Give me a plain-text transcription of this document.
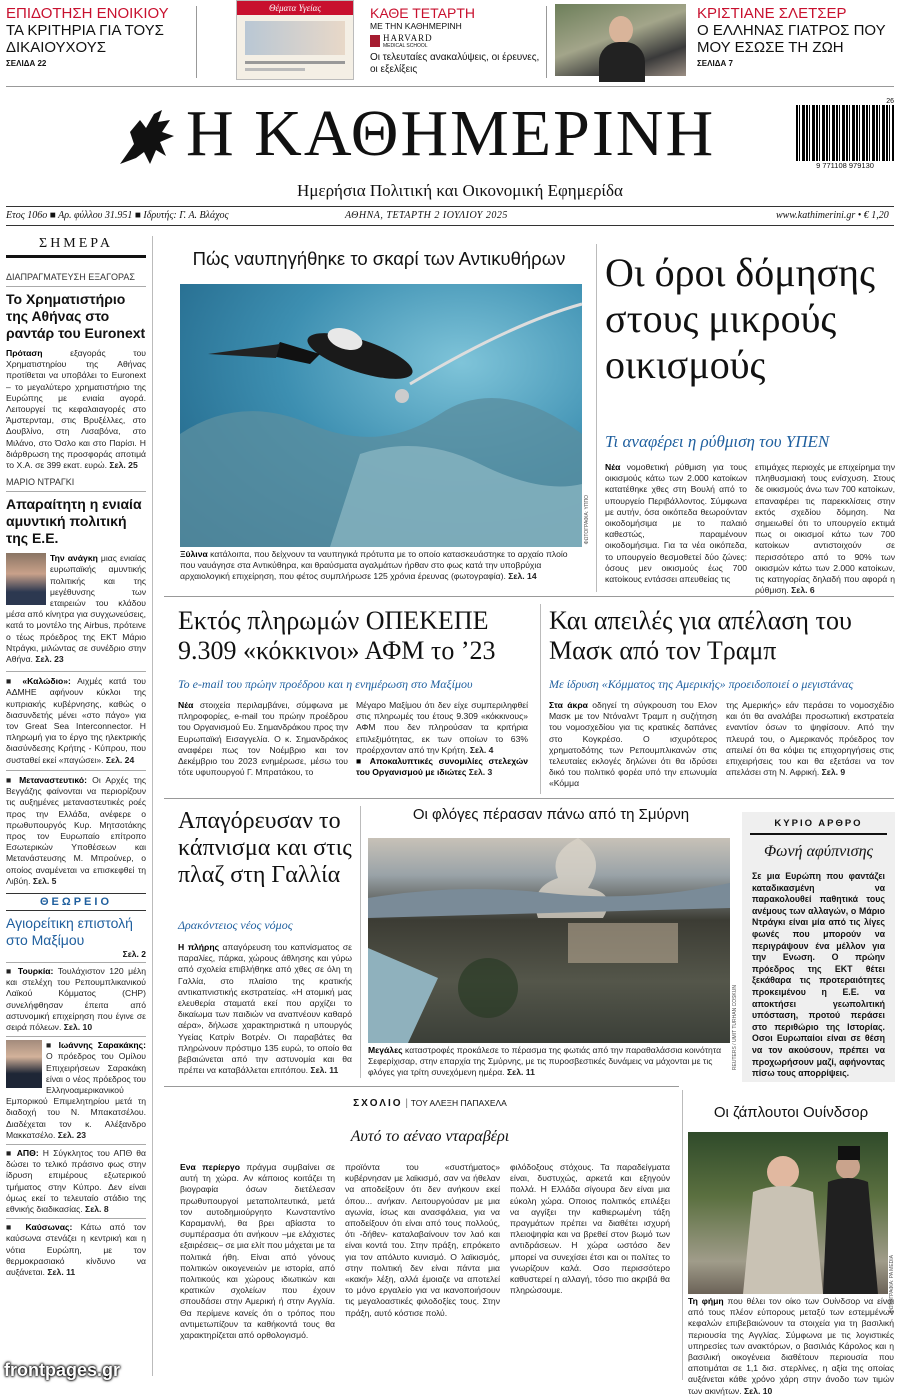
ΕΠΙΔΟΤΗΣΗ ΕΝΟΙΚΙΟΥ
ΤΑ ΚΡΙΤΗΡΙΑ ΓΙΑ ΤΟΥΣ ΔΙΚΑΙΟΥΧΟΥΣ
ΣΕΛΙΔΑ 22
Θέματα Υγείας	ΚΑΘΕ ΤΕΤΑΡΤΗ
ΜΕ ΤΗΝ ΚΑΘΗΜΕΡΙΝΗ
HARVARD
MEDICAL SCHOOL
Οι τελευταίες ανακαλύψεις, οι έρευνες, οι εξελίξεις
ΚΡΙΣΤΙΑΝΕ ΣΛΕΤΣΕΡ
Ο ΕΛΛΗΝΑΣ ΓΙΑΤΡΟΣ ΠΟΥ ΜΟΥ ΕΣΩΣΕ ΤΗ ΖΩΗ
ΣΕΛΙΔΑ 7
Η ΚΑΘΗΜΕΡΙΝΗ
Ημερήσια Πολιτική και Οικονομική Εφημερίδα
26
9 771108 979130
Ετος 106ο ■ Αρ. φύλλου 31.951 ■ Ιδρυτής: Γ. Α. Βλάχος	ΑΘΗΝΑ, ΤΕΤΑΡΤΗ 2 ΙΟΥΛΙΟΥ 2025	www.kathimerini.gr • € 1,20
ΣΗΜΕΡΑ
ΔΙΑΠΡΑΓΜΑΤΕΥΣΗ ΕΞΑΓΟΡΑΣ
Το Χρηματιστήριο της Αθήνας στο ραντάρ του Euronext
Πρόταση εξαγοράς του Χρηματιστηρίου της Αθήνας προτίθεται να υποβάλει το Euronext – το μεγαλύτερο χρηματιστήριο της Ευρώπης με ενιαία αγορά. Λειτουργεί τις κεφαλαιαγορές στο Άμστερνταμ, στις Βρυξέλλες, στο Δουβλίνο, στη Λισαβόνα, στο Μιλάνο, στο Όσλο και στο Παρίσι. Η διάρθρωση της προσφοράς αποτιμά το Χ.Α. σε 399 εκατ. ευρώ. Σελ. 25
ΜΑΡΙΟ ΝΤΡΑΓΚΙ
Απαραίτητη η ενιαία αμυντική πολιτική της Ε.Ε.
Την ανάγκη μιας ενιαίας ευρωπαϊκής αμυντικής πολιτικής και της μεγέθυνσης των εταιρειών του κλάδου μέσα από κίνητρα για συγχωνεύσεις, κατά το μοντέλο της Airbus, πρότεινε ο τέως πρόεδρος της ΕΚΤ Μάριο Ντράγκι, μιλώντας σε συνέδριο στην Αθήνα. Σελ. 23
■ «Καλώδιο»: Αιχμές κατά του ΑΔΜΗΕ αφήνουν κύκλοι της κυπριακής κυβέρνησης, καθώς ο διασυνδετής μένει «στο πάγο» για τον Great Sea Interconnector. Η πληρωμή για το έργο της ηλεκτρικής διασύνδεσης Κρήτης - Κύπρου, που συσταθεί εκεί «παγώσει». Σελ. 24
■ Μεταναστευτικό: Οι Αρχές της Βεγγάζης φαίνονται να περιορίζουν τις αυξημένες μεταναστευτικές ροές προς την Ελλάδα, ανέφερε ο πρωθυπουργός Κυρ. Μητσοτάκης προς τον Ευρωπαίο επίτροπο Εσωτερικών Υποθέσεων και Μετανάστευσης Μ. Μπρούνερ, ο οποίος αναμένεται να επισκεφθεί τη Λιβύη. Σελ. 5
ΘΕΩΡΕΙΟ
Αγιορείτικη επιστολή στο Μαξίμου
Σελ. 2
■ Τουρκία: Τουλάχιστον 120 μέλη και στελέχη του Ρεπουμπλικανικού Λαϊκού Κόμματος (CHP) συνελήφθησαν έπειτα από αστυνομική επιχείρηση που έγινε σε σειρά πόλεων. Σελ. 10
■ Ιωάννης Σαρακάκης: Ο πρόεδρος του Ομίλου Επιχειρήσεων Σαρακάκη είναι ο νέος πρόεδρος του Ελληνοαμερικανικού Εμπορικού Επιμελητηρίου μετά τη διαδοχή του Ν. Μπακατσέλου. Διαδέχεται τον κ. Αλέξανδρο Μακκατσέλο. Σελ. 23
■ ΑΠΘ: Η Σύγκλητος του ΑΠΘ θα δώσει το τελικό πράσινο φως στην ίδρυση επιμέρους εξωτερικού τμήματος στην Κύπρο. Δεν είναι όμως εκεί το τελευταίο στάδιο της εθνικής διαδικασίας. Σελ. 8
■ Καύσωνας: Κάτω από τον καύσωνα στενάζει η κεντρική και η νότια Ευρώπη, με τον θερμοκρασιακό κίνδυνο να αυξάνεται. Σελ. 11
Πώς ναυπηγήθηκε το σκαρί των Αντικυθήρων
ΦΩΤΟΓΡΑΦΙΑ: ΥΠΠΟ
Ξύλινα κατάλοιπα, που δείχνουν τα ναυπηγικά πρότυπα με το οποίο κατασκευάστηκε το αρχαίο πλοίο που ναυάγησε στα Αντικύθηρα, και θραύσματα αγαλμάτων ήρθαν στο φως κατά την υποβρύχια αρχαιολογική επιχείρηση, που φέτος συμπλήρωσε 125 χρόνια έρευνας (φωτογραφία). Σελ. 14
Οι όροι δόμησης στους μικρούς οικισμούς
Τι αναφέρει η ρύθμιση του ΥΠΕΝ
Νέα νομοθετική ρύθμιση για τους οικισμούς κάτω των 2.000 κατοίκων κατατέθηκε χθες στη Βουλή από το υπουργείο Περιβάλλοντος. Σύμφωνα με αυτήν, όσα οικόπεδα θεωρούνταν οικοδομήσιμα με το παλαιό καθεστώς, παραμένουν οικοδομήσιμα. Για τα νέα οικόπεδα, το υπουργείο θεσμοθετεί δύο ζώνες: όσους μεν οικισμούς έως 700 κατοίκους εντάσσει απευθείας τις
επιμάχες περιοχές με επιχείρημα την πληθυσμιακή τους ενίσχυση. Στους δε οικισμούς άνω των 700 κατοίκων, επαναφέρει τις παρεκκλίσεις στην εκτός σχεδίου δόμηση. Να σημειωθεί ότι το υπουργείο εκτιμά πως οι οικισμοί κάτω των 700 κατοίκων αντιστοιχούν σε περισσότερο από το 90% των οικισμών κάτω των 2.000 κατοίκων, τις κατηγορίας δηλαδή που αφορά η ρύθμιση. Σελ. 6
Εκτός πληρωμών ΟΠΕΚΕΠΕ 9.309 «κόκκινοι» ΑΦΜ το ’23
Το e-mail του πρώην προέδρου και η ενημέρωση στο Μαξίμου
Νέα στοιχεία περιλαμβάνει, σύμφωνα με πληροφορίες, e-mail του πρώην προέδρου του Οργανισμού Ευ. Σημανδράκου προς την Ευρωπαϊκή Εισαγγελία. Ο κ. Σημανδράκος αναφέρει πως τον Νοέμβριο και τον Δεκέμβριο του 2023 ενημέρωσε, μέσω του τότε υφυπουργού Γ. Μπρατάκου, το
Μέγαρο Μαξίμου ότι δεν είχε συμπεριληφθεί στις πληρωμές του έτους 9.309 «κόκκινους» ΑΦΜ που δεν πληρούσαν τα κριτήρια επιλεξιμότητας, εκ των οποίων το 63% προέρχονταν από την Κρήτη. Σελ. 4
■ Αποκαλυπτικές συνομιλίες στελεχών του Οργανισμού με ιδιώτες Σελ. 3
Και απειλές για απέλαση του Μασκ από τον Τραμπ
Με ίδρυση «Κόμματος της Αμερικής» προειδοποιεί ο μεγιστάνας
Στα άκρα οδηγεί τη σύγκρουση του Ελον Μασκ με τον Ντόναλντ Τραμπ η συζήτηση του νομοσχεδίου για τις κρατικές δαπάνες στο Κογκρέσο. Ο ισχυρότερος χρηματοδότης των Ρεπουμπλικανών στις τελευταίες εκλογές δηλώνει ότι θα ιδρύσει δικό του πολιτικό φορέα υπό την επωνυμία «Κόμμα
της Αμερικής» εάν περάσει το νομοσχέδιο και ότι θα αναλάβει προσωπική εκστρατεία εναντίον όσων το ψηφίσουν. Από την πλευρά του, ο Αμερικανός πρόεδρος τον απειλεί ότι θα κόψει τις επιχορηγήσεις στις επιχειρήσεις του και θα εξετάσει να τον απελάσει στη Ν. Αφρική. Σελ. 9
Απαγόρευσαν το κάπνισμα και στις πλαζ στη Γαλλία
Δρακόντειος νέος νόμος
Η πλήρης απαγόρευση του καπνίσματος σε παραλίες, πάρκα, χώρους άθλησης και γύρω από σχολεία επιβλήθηκε από χθες σε όλη τη Γαλλία, στο πλαίσιο της κρατικής αντικαπνιστικής εκστρατείας. «Η ατομική μας ελευθερία σταματά εκεί που αρχίζει το δικαίωμα των παιδιών να αναπνέουν καθαρό αέρα», δήλωσε χαρακτηριστικά η υπουργός Υγείας Κατρίν Βοτρέν. Οι παραβάτες θα πληρώνουν πρόστιμο 135 ευρώ, το οποίο θα βεβαιώνεται από την αστυνομία και θα πρέπει να καταβάλλεται επιτόπου. Σελ. 11
Οι φλόγες πέρασαν πάνω από τη Σμύρνη
REUTERS / UMIT TURHAN COSKUN
Μεγάλες καταστροφές προκάλεσε το πέρασμα της φωτιάς από την παραθαλάσσια κοινότητα Σεφερίχισαρ, στην επαρχία της Σμύρνης, με τις πυροσβεστικές δυνάμεις να μάχονται με τις φλόγες για τρίτη συνεχόμενη ημέρα. Σελ. 11
ΚΥΡΙΟ ΑΡΘΡΟ
Φωνή αφύπνισης
Σε μια Ευρώπη που φαντάζει καταδικασμένη να παρακολουθεί παθητικά τους ανέμους των αλλαγών, ο Μάριο Ντράγκι είναι μία από τις λίγες φωνές που μπορούν να περιγράψουν ένα μέλλον για την Ενωση. Ο πρώην πρόεδρος της ΕΚΤ θέτει ξεκάθαρα τις προτεραιότητες προκειμένου η Ε.Ε. να αποκτήσει γεωπολιτική υπόσταση, προτού περάσει στο περιθώριο της Ιστορίας. Οσοι Ευρωπαίοι είναι σε θέση να τον ακούσουν, πρέπει να προχωρήσουν μαζί, αφήνοντας πίσω τους απορρίψεις.
ΣΧΟΛΙΟ | ΤΟΥ ΑΛΕΞΗ ΠΑΠΑΧΕΛΑ
Αυτό το αέναο νταραβέρι
Ενα περίεργο πράγμα συμβαίνει σε αυτή τη χώρα. Αν κάποιος κοιτάζει τη βιογραφία όσων διετέλεσαν πρωθυπουργοί μεταπολιτευτικά, μετά τον αυτοδημιούργητο Κωνσταντίνο Καραμανλή, θα βρει αβίαστα το συμπέρασμα ότι ανήκουν –με ελάχιστες εξαιρέσεις– σε μια ελίτ που μάχεται με τα πολιτικά ήθη. Είναι από γόνους πολιτικών οικογενειών με ιστορία, από πολιτικούς και χώρους ιδιωτικών και κρατικών σχολείων που έχουν σπουδάσει στην Αμερική ή στην Αγγλία. Θα περίμενε κανείς ότι ο τρόπος που αντιμετωπίζουν τα καθήκοντά τους θα χαρακτηρίζεται από ορθολογισμό.
προϊόντα του «συστήματος» κυβέρνησαν με λαϊκισμό, σαν να ήθελαν να αποδείξουν ότι δεν ανήκουν εκεί όπου... ανήκαν. Λειτουργούσαν με μια αγωνία, ίσως και ανασφάλεια, για να αποδείξουν ότι είναι από τους πολλούς, ότι -δήθεν- καταλαβαίνουν τον λαό και είναι κοντά του. Στην πράξη, επρόκειτο για τον απόλυτο κυνισμό. Ο λαϊκισμός, στην πολιτική δεν είναι πάντα μια «κακή» λέξη, αλλά έμοιαζε να αποτελεί το μόνο εργαλείο για να ικανοποιήσουν τις μεγαλοαστικές φιλοδοξίες τους. Στην πράξη, αυτό κόστισε πολύ.
φιλόδοξους στόχους. Τα παραδείγματα είναι, δυστυχώς, αρκετά και εξηγούν πολλά. Η Ελλάδα σίγουρα δεν είναι μια εύκολη χώρα. Οποιος πολιτικός επιλέξει να αγγίξει την καθιερωμένη τάξη πραγμάτων πρέπει να διαθέτει ισχυρή πλειοψηφία και να βρεθεί στον βωμό των αντιδράσεων. Η χώρα ωστόσο δεν μπορεί να συνεχίσει έτσι και οι πολίτες το γνωρίζουν καλά. Οσο περισσότερο καθυστερεί η αλλαγή, τόσο πιο ακριβά θα πληρώσουμε.
Οι ζάπλουτοι Ουίνδσορ
ΦΩΤΟΓΡΑΦΙΑ: PA MEDIA
Τη φήμη που θέλει τον οίκο των Ουίνδσορ να είναι από τους πλέον εύπορους μεταξύ των εστεμμένων κεφαλών επιβεβαιώνουν τα στοιχεία για τη βασιλική περιουσία της Αγγλίας. Σύμφωνα με τις λογιστικές υπηρεσίες των ανακτόρων, ο βασιλιάς Κάρολος και η βασιλική οικογένεια διαθέτουν περιουσία που αποτιμάται σε 1,1 δισ. στερλίνες, η αξία της οποίας αυξάνεται κάθε χρόνο χάρη στην άνοδο των τιμών των ακινήτων. Σελ. 10
frontpages.gr
